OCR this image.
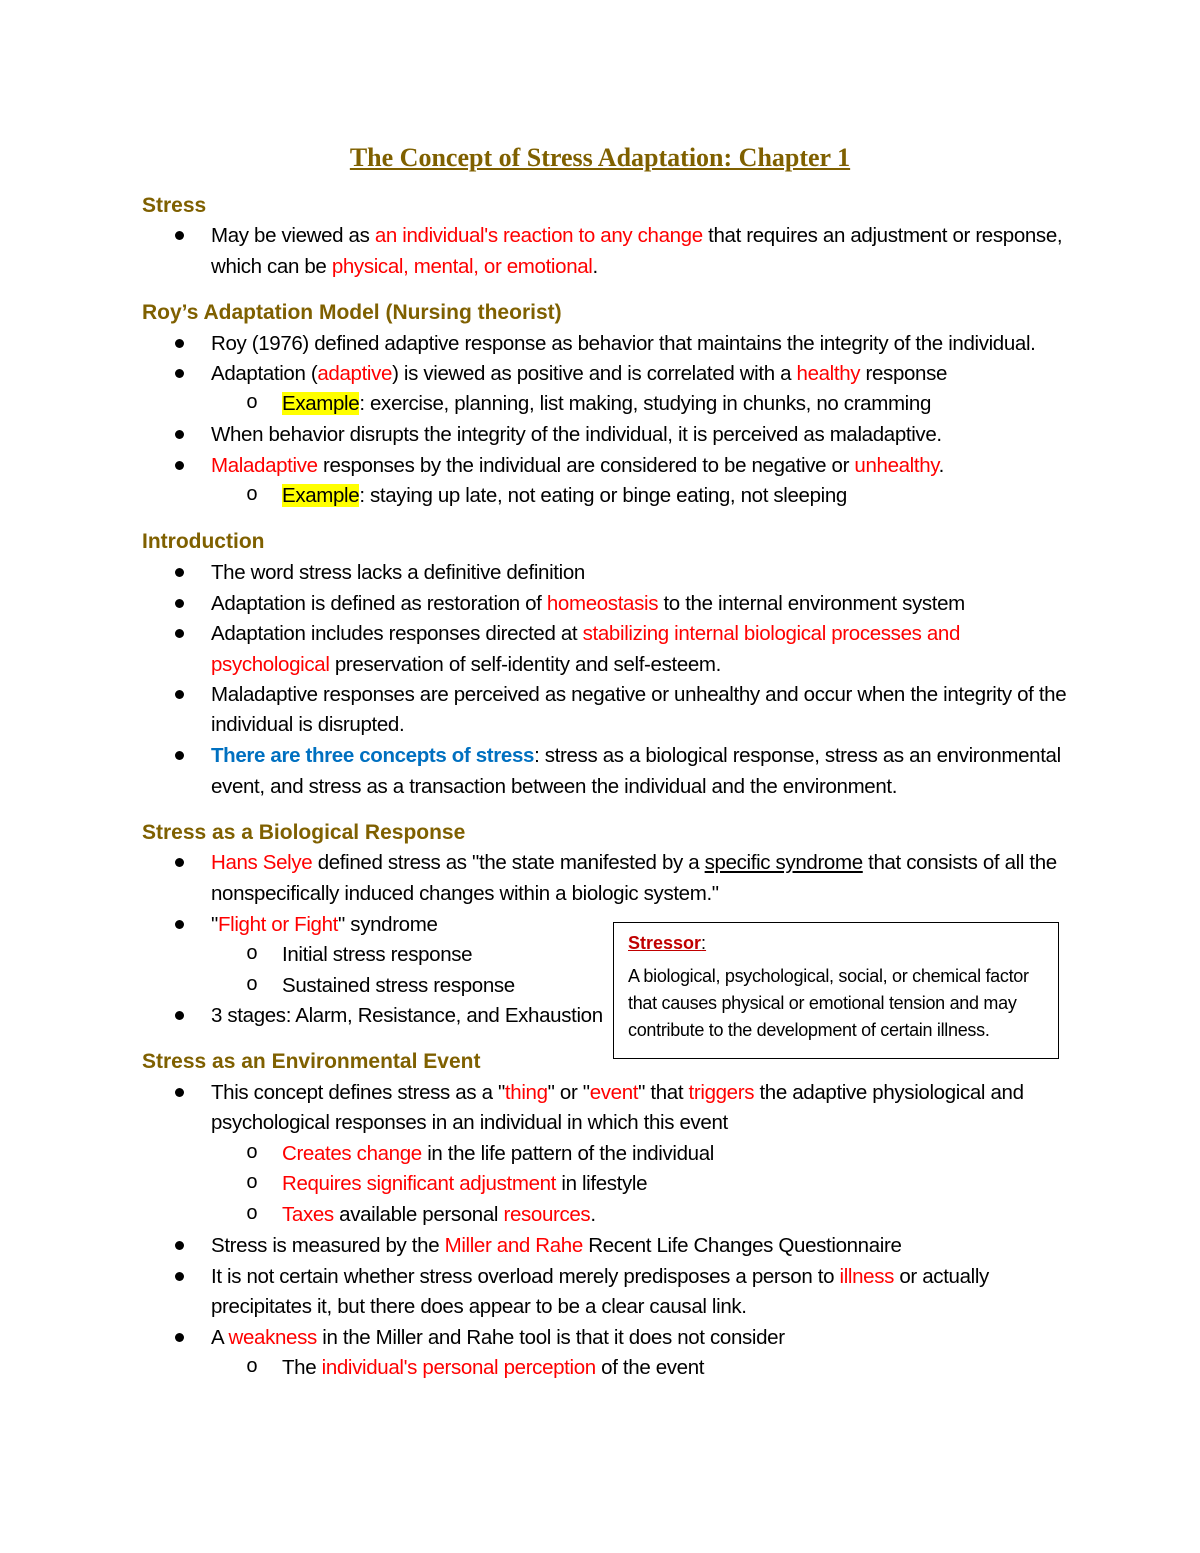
The Concept of Stress Adaptation: Chapter 1
Stress
May be viewed as an individual's reaction to any change that requires an adjustment or response,
which can be physical, mental, or emotional.
Roy’s Adaptation Model (Nursing theorist)
Roy (1976) defined adaptive response as behavior that maintains the integrity of the individual.
Adaptation (adaptive) is viewed as positive and is correlated with a healthy response
o Example: exercise, planning, list making, studying in chunks, no cramming
When behavior disrupts the integrity of the individual, it is perceived as maladaptive.
Maladaptive responses by the individual are considered to be negative or unhealthy.
o Example: staying up late, not eating or binge eating, not sleeping
Introduction
The word stress lacks a definitive definition
Adaptation is defined as restoration of homeostasis to the internal environment system
Adaptation includes responses directed at stabilizing internal biological processes and
psychological preservation of self-identity and self-esteem.
Maladaptive responses are perceived as negative or unhealthy and occur when the integrity of the
individual is disrupted.
There are three concepts of stress: stress as a biological response, stress as an environmental
event, and stress as a transaction between the individual and the environment.
Stress as a Biological Response
Hans Selye defined stress as "the state manifested by a specific syndrome that consists of all the
nonspecifically induced changes within a biologic system."
"Flight or Fight" syndrome
o Initial stress response
o Sustained stress response
3 stages: Alarm, Resistance, and Exhaustion
Stressor:
A biological, psychological, social, or chemical factor
that causes physical or emotional tension and may
contribute to the development of certain illness.
Stress as an Environmental Event
This concept defines stress as a "thing" or "event" that triggers the adaptive physiological and
psychological responses in an individual in which this event
o Creates change in the life pattern of the individual
o Requires significant adjustment in lifestyle
o Taxes available personal resources.
Stress is measured by the Miller and Rahe Recent Life Changes Questionnaire
It is not certain whether stress overload merely predisposes a person to illness or actually
precipitates it, but there does appear to be a clear causal link.
A weakness in the Miller and Rahe tool is that it does not consider
o The individual's personal perception of the event
